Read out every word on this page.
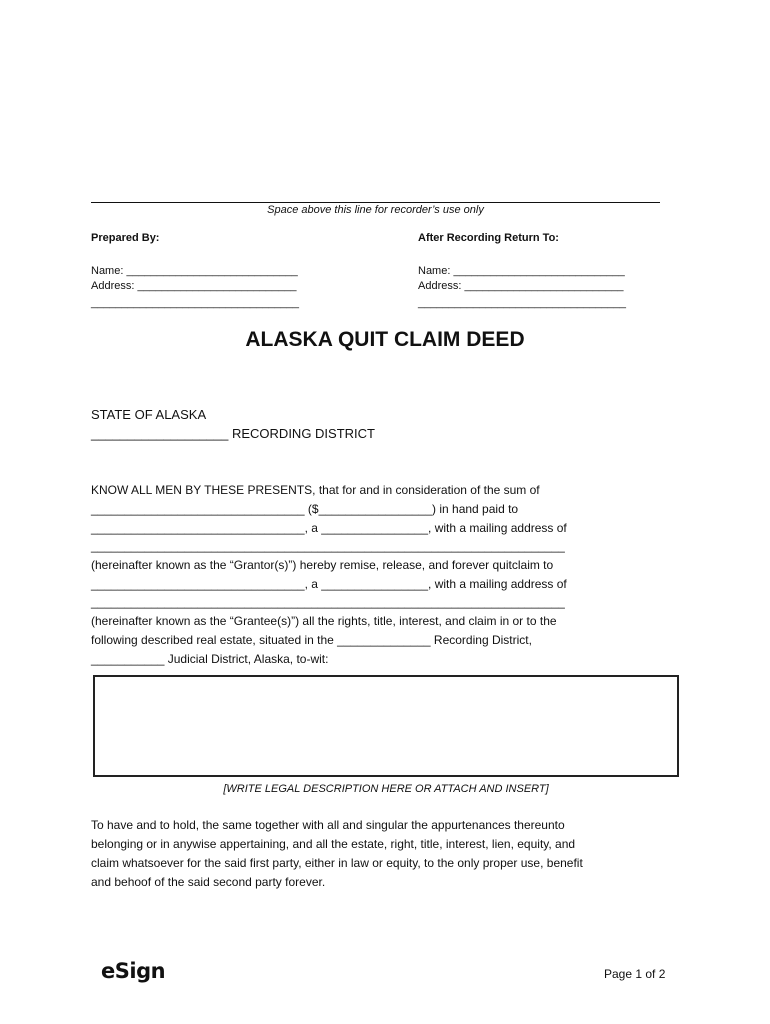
Space above this line for recorder’s use only
Prepared By:
Name: ____________________________
Address: __________________________
__________________________________
After Recording Return To:
Name: ____________________________
Address: __________________________
__________________________________
ALASKA QUIT CLAIM DEED
STATE OF ALASKA
___________________ RECORDING DISTRICT
KNOW ALL MEN BY THESE PRESENTS, that for and in consideration of the sum of
________________________________ ($_________________) in hand paid to
________________________________, a ________________, with a mailing address of
_______________________________________________________________________
(hereinafter known as the “Grantor(s)”) hereby remise, release, and forever quitclaim to
________________________________, a ________________, with a mailing address of
_______________________________________________________________________
(hereinafter known as the “Grantee(s)”) all the rights, title, interest, and claim in or to the
following described real estate, situated in the ______________ Recording District,
___________ Judicial District, Alaska, to-wit:
[WRITE LEGAL DESCRIPTION HERE OR ATTACH AND INSERT]
To have and to hold, the same together with all and singular the appurtenances thereunto
belonging or in anywise appertaining, and all the estate, right, title, interest, lien, equity, and
claim whatsoever for the said first party, either in law or equity, to the only proper use, benefit
and behoof of the said second party forever.
eSign	Page 1 of 2
